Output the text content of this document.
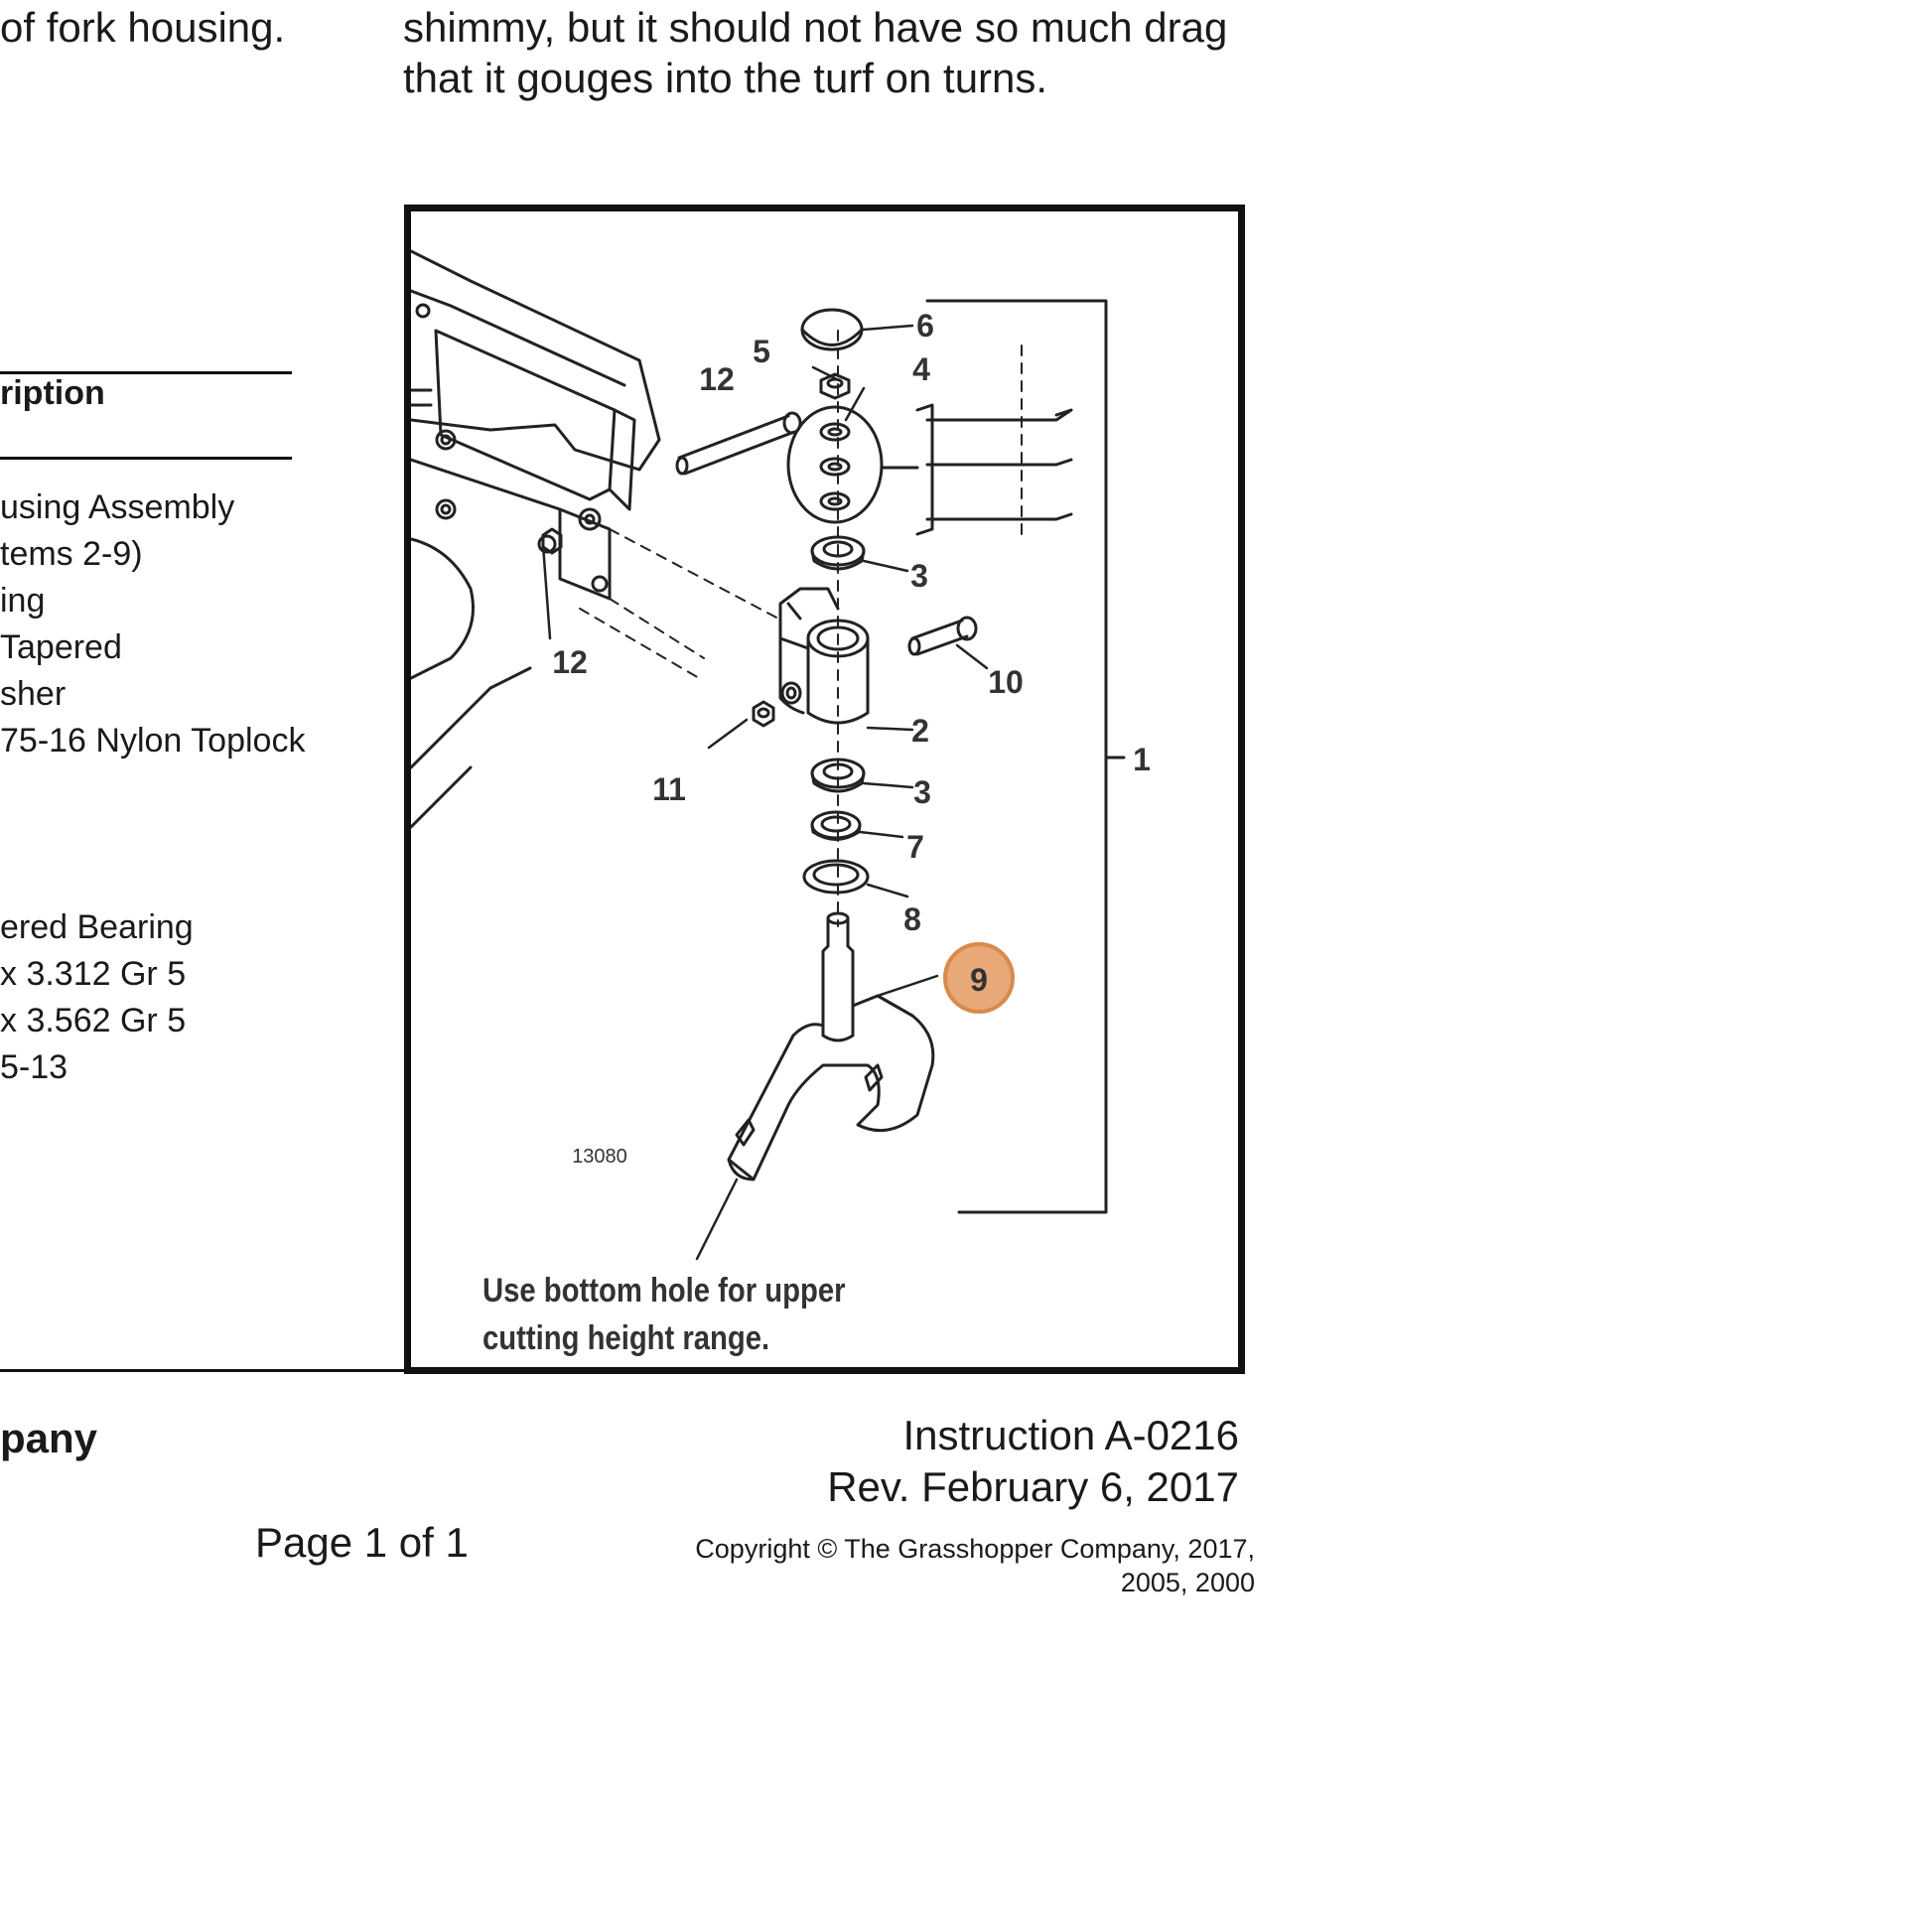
of fork housing.	shimmy, but it should not have so much drag
that it gouges into the turf on turns.
ription
using Assembly
tems 2-9)
ing
Tapered
sher
75-16 Nylon Toplock
ered Bearing
x 3.312 Gr 5
x 3.562 Gr 5
5-13
6
5	4
12
3
2
10
12
11
1
3
7
8
9
13080
Use bottom hole for upper
cutting height range.
pany	Instruction A-0216
Rev. February 6, 2017
Page 1 of 1	Copyright © The Grasshopper Company, 2017,
2005, 2000
